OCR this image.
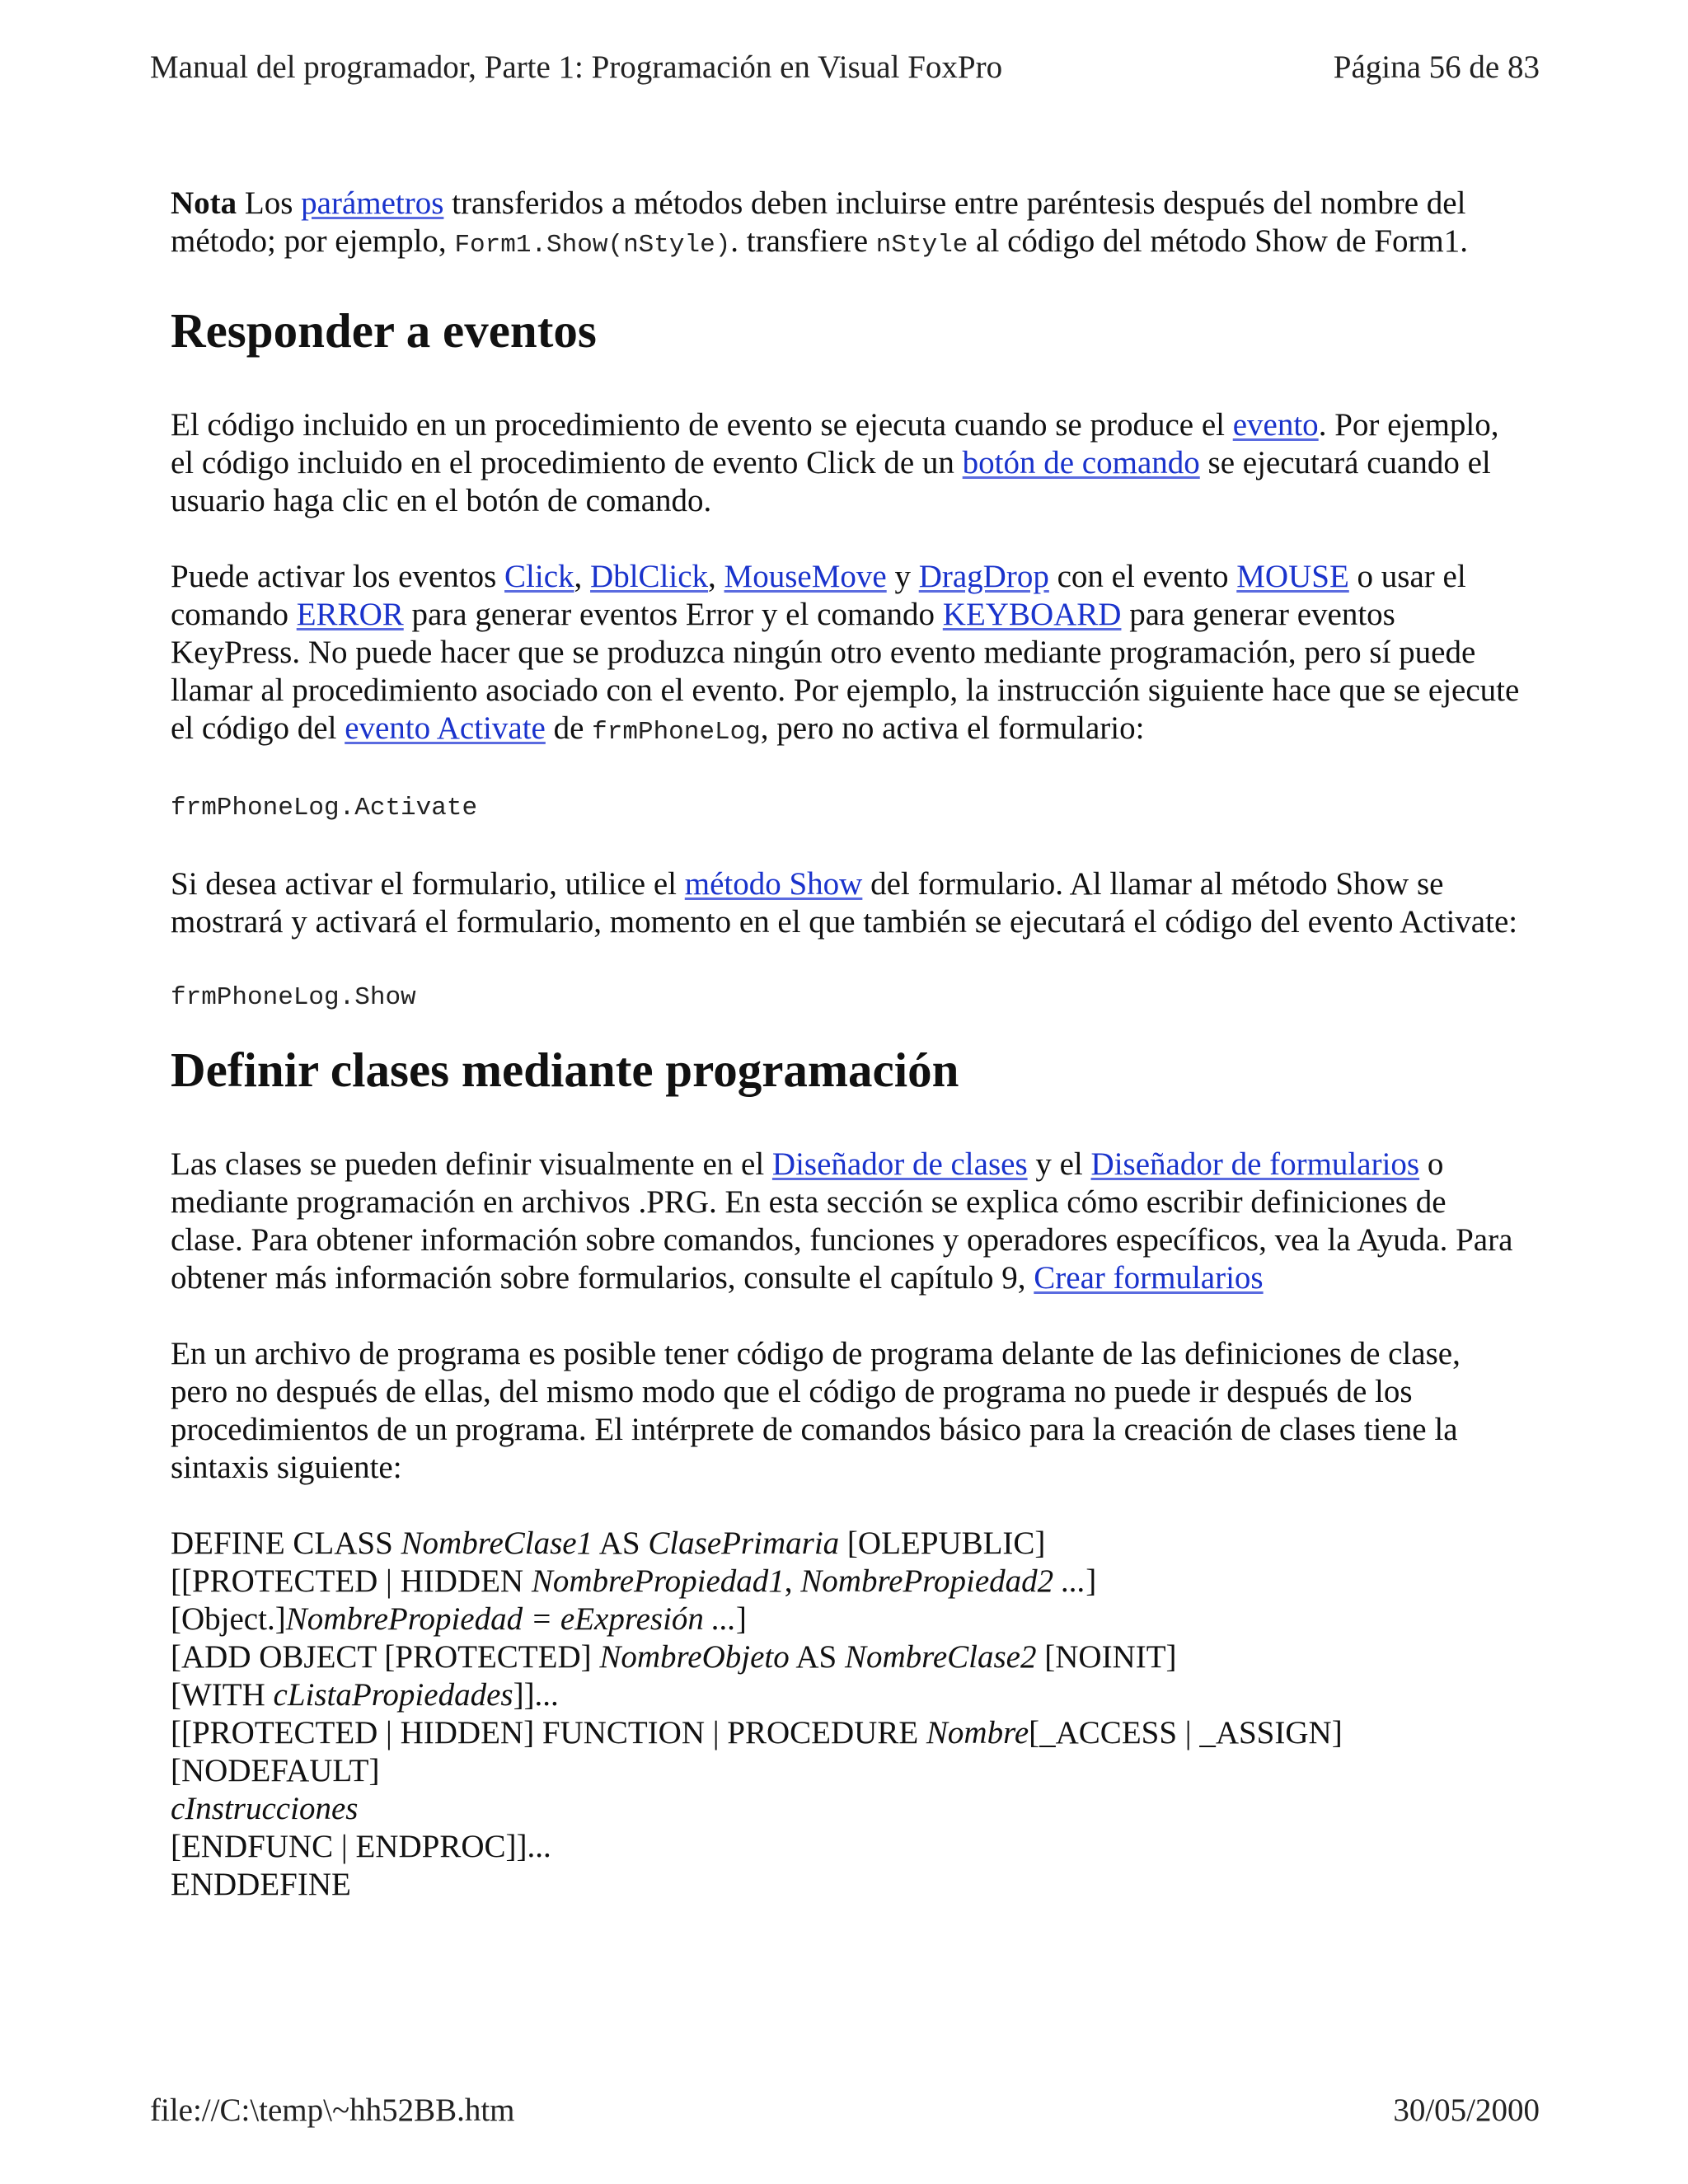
Manual del programador, Parte 1: Programación en Visual FoxPro	Página 56 de 83

Nota Los parámetros transferidos a métodos deben incluirse entre paréntesis después del nombre del método; por ejemplo, Form1.Show(nStyle). transfiere nStyle al código del método Show de Form1.

Responder a eventos

El código incluido en un procedimiento de evento se ejecuta cuando se produce el evento. Por ejemplo, el código incluido en el procedimiento de evento Click de un botón de comando se ejecutará cuando el usuario haga clic en el botón de comando.

Puede activar los eventos Click, DblClick, MouseMove y DragDrop con el evento MOUSE o usar el comando ERROR para generar eventos Error y el comando KEYBOARD para generar eventos KeyPress. No puede hacer que se produzca ningún otro evento mediante programación, pero sí puede llamar al procedimiento asociado con el evento. Por ejemplo, la instrucción siguiente hace que se ejecute el código del evento Activate de frmPhoneLog, pero no activa el formulario:

frmPhoneLog.Activate

Si desea activar el formulario, utilice el método Show del formulario. Al llamar al método Show se mostrará y activará el formulario, momento en el que también se ejecutará el código del evento Activate:

frmPhoneLog.Show
Definir clases mediante programación

Las clases se pueden definir visualmente en el Diseñador de clases y el Diseñador de formularios o mediante programación en archivos .PRG. En esta sección se explica cómo escribir definiciones de clase. Para obtener información sobre comandos, funciones y operadores específicos, vea la Ayuda. Para obtener más información sobre formularios, consulte el capítulo 9, Crear formularios

En un archivo de programa es posible tener código de programa delante de las definiciones de clase, pero no después de ellas, del mismo modo que el código de programa no puede ir después de los procedimientos de un programa. El intérprete de comandos básico para la creación de clases tiene la sintaxis siguiente:

DEFINE CLASS NombreClase1 AS ClasePrimaria [OLEPUBLIC]

[[PROTECTED | HIDDEN NombrePropiedad1, NombrePropiedad2 ...]

[Object.]NombrePropiedad = eExpresión ...]

[ADD OBJECT [PROTECTED] NombreObjeto AS NombreClase2 [NOINIT]

[WITH cListaPropiedades]]...

[[PROTECTED | HIDDEN] FUNCTION | PROCEDURE Nombre[_ACCESS | _ASSIGN]

[NODEFAULT]

cInstrucciones

[ENDFUNC | ENDPROC]]...

ENDDEFINE

file://C:\temp\~hh52BB.htm	30/05/2000
